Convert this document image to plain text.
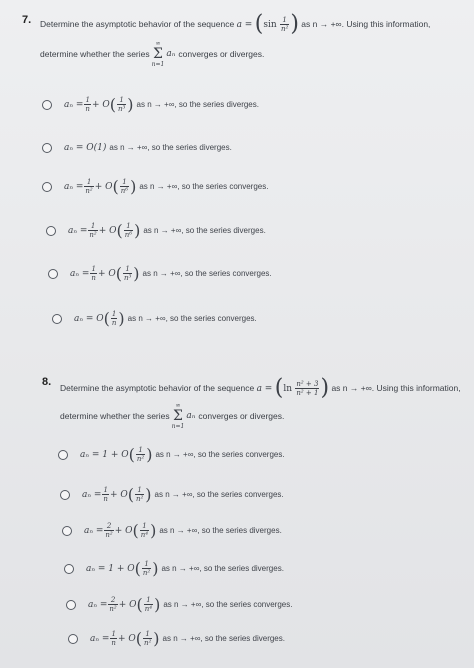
7. Determine the asymptotic behavior of the sequence $a = (\sin \frac{1}{\text{n²}}$ ) as n → +∞. Using this information,
determine whether the series
∞
Σ
n=1
aₙ converges or diverges.
$a_n = \frac{1}{n} + O$ ( $\frac{1}{\text{n³}}$ ) as n → +∞, so the series diverges.
aₙ = O(1) as n → +∞, so the series diverges.
$a_n = \frac{1}{\text{n²}} + O$ ( $\frac{1}{\text{n⁶}}$ ) as n → +∞, so the series converges.
$a_n = \frac{1}{\text{n²}} + O$ ( $\frac{1}{\text{n⁶}}$ ) as n → +∞, so the series diverges.
$a_n = \frac{1}{n} + O$ ( $\frac{1}{\text{n³}}$ ) as n → +∞, so the series converges.
aₙ = O ( $\frac{1}{n}$ ) as n → +∞, so the series converges.
8. Determine the asymptotic behavior of the sequence $a = (\ln \frac{\text{n² + 3}}{\text{n² + 1}}$ ) as n → +∞. Using this information,
determine whether the series
∞
Σ
n=1
aₙ converges or diverges.
aₙ = 1 + O ( $\frac{1}{\text{n²}}$ ) as n → +∞, so the series converges.
$a_n = \frac{1}{n} + O$ ( $\frac{1}{\text{n²}}$ ) as n → +∞, so the series converges.
$a_n = \frac{2}{\text{n²}} + O$ ( $\frac{1}{\text{n⁴}}$ ) as n → +∞, so the series diverges.
aₙ = 1 + O ( $\frac{1}{\text{n²}}$ ) as n → +∞, so the series diverges.
$a_n = \frac{2}{\text{n²}} + O$ ( $\frac{1}{\text{n⁴}}$ ) as n → +∞, so the series converges.
$a_n = \frac{1}{n} + O$ ( $\frac{1}{\text{n²}}$ ) as n → +∞, so the series diverges.
